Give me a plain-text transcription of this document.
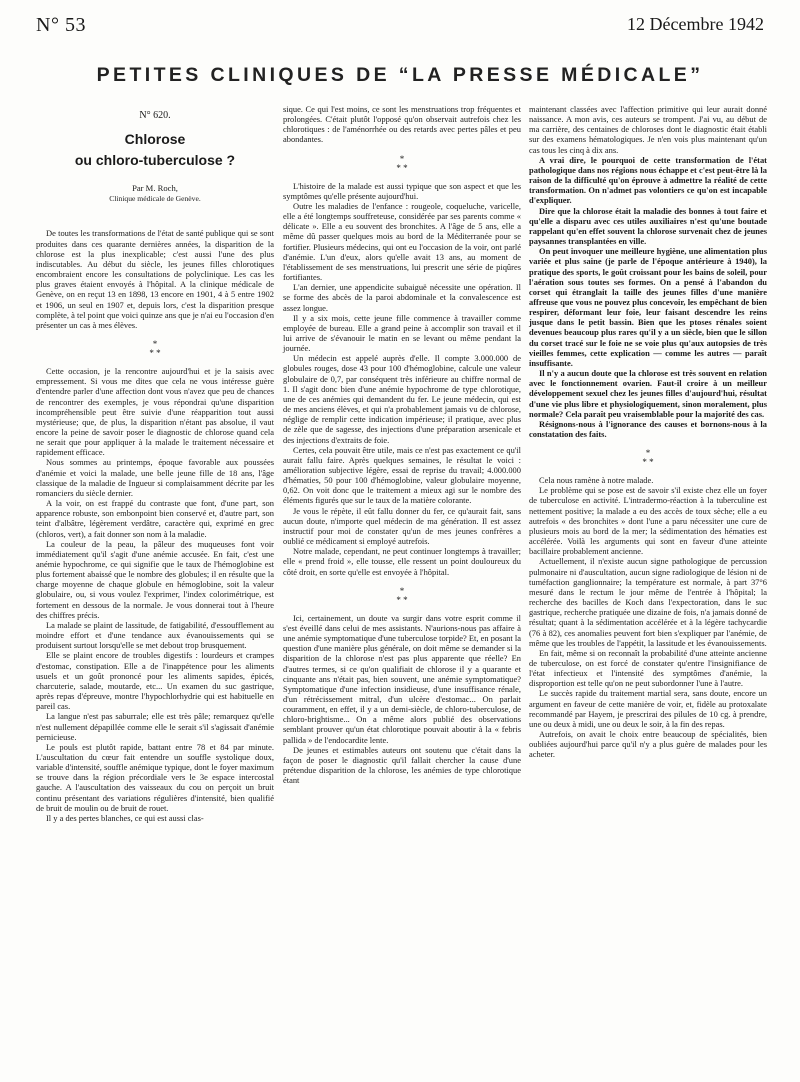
N° 53	12 Décembre 1942
PETITES CLINIQUES DE “LA PRESSE MÉDICALE”
N° 620.
Chlorose
ou chloro-tuberculose ?
Par M. Roch,
Clinique médicale de Genève.

De toutes les transformations de l'état de santé publique qui se sont produites dans ces quarante dernières années, la disparition de la chlorose est la plus inexplicable; c'est aussi l'une des plus indiscutables. Au début du siècle, les jeunes filles chlorotiques encombraient encore les consultations de polyclinique. Les cas les plus graves étaient envoyés à l'hôpital. A la clinique médicale de Genève, on en reçut 13 en 1898, 13 encore en 1901, 4 à 5 entre 1902 et 1906, un seul en 1907 et, depuis lors, c'est la disparition presque complète, à tel point que voici quinze ans que je n'ai eu l'occasion d'en présenter un cas à mes élèves.

*
* *

Cette occasion, je la rencontre aujourd'hui et je la saisis avec empressement. Si vous me dites que cela ne vous intéresse guère d'entendre parler d'une affection dont vous n'avez que peu de chances de rencontrer des exemples, je vous répondrai qu'une disparition incompréhensible peut être suivie d'une réapparition tout aussi mystérieuse; que, de plus, la disparition n'étant pas absolue, il vaut encore la peine de savoir poser le diagnostic de chlorose quand cela ne serait que pour appliquer à la malade le traitement nécessaire et rapidement efficace.

Nous sommes au printemps, époque favorable aux poussées d'anémie et voici la malade, une belle jeune fille de 18 ans, l'âge classique de la maladie de Ingueur si complaisamment décrite par les romanciers du siècle dernier.

A la voir, on est frappé du contraste que font, d'une part, son apparence robuste, son embonpoint bien conservé et, d'autre part, son teint d'albâtre, légèrement verdâtre, caractère qui, exprimé en grec (chloros, vert), a fait donner son nom à la maladie.

La couleur de la peau, la pâleur des muqueuses font voir immédiatement qu'il s'agit d'une anémie accusée. En fait, c'est une anémie hypochrome, ce qui signifie que le taux de l'hémoglobine est plus fortement abaissé que le nombre des globules; il en résulte que la charge moyenne de chaque globule en hémoglobine, soit la valeur globulaire, ou, si vous voulez l'exprimer, l'index colorimétrique, est fortement en dessous de la normale. Je vous donnerai tout à l'heure des chiffres précis.

La malade se plaint de lassitude, de fatigabilité, d'essoufflement au moindre effort et d'une tendance aux évanouissements qui se produisent surtout lorsqu'elle se met debout trop brusquement.

Elle se plaint encore de troubles digestifs : lourdeurs et crampes d'estomac, constipation. Elle a de l'inappétence pour les aliments usuels et un goût prononcé pour les aliments sapides, épicés, charcuterie, salade, moutarde, etc... Un examen du suc gastrique, après repas d'épreuve, montre l'hypochlorhydrie qui est habituelle en pareil cas.

La langue n'est pas saburrale; elle est très pâle; remarquez qu'elle n'est nullement dépapillée comme elle le serait s'il s'agissait d'anémie pernicieuse.

Le pouls est plutôt rapide, battant entre 78 et 84 par minute. L'auscultation du cœur fait entendre un souffle systolique doux, variable d'intensité, souffle anémique typique, dont le foyer maximum se trouve dans la région précordiale vers le 3e espace intercostal gauche. A l'auscultation des vaisseaux du cou on perçoit un bruit continu présentant des variations régulières d'intensité, bien qualifié de bruit de moulin ou de bruit de rouet.

Il y a des pertes blanches, ce qui est aussi clas-

sique. Ce qui l'est moins, ce sont les menstruations trop fréquentes et prolongées. C'était plutôt l'opposé qu'on observait autrefois chez les chlorotiques : de l'aménorrhée ou des retards avec pertes pâles et peu abondantes.

*
* *

L'histoire de la malade est aussi typique que son aspect et que les symptômes qu'elle présente aujourd'hui.

Outre les maladies de l'enfance : rougeole, coqueluche, varicelle, elle a été longtemps souffreteuse, considérée par ses parents comme « délicate ». Elle a eu souvent des bronchites. A l'âge de 5 ans, elle a même dû passer quelques mois au bord de la Méditerranée pour se fortifier. Plusieurs médecins, qui ont eu l'occasion de la voir, ont parlé d'anémie. L'un d'eux, alors qu'elle avait 13 ans, au moment de l'établissement de ses menstruations, lui prescrit une série de piqûres fortifiantes.

L'an dernier, une appendicite subaiguë nécessite une opération. Il se forme des abcès de la paroi abdominale et la convalescence est assez longue.

Il y a six mois, cette jeune fille commence à travailler comme employée de bureau. Elle a grand peine à accomplir son travail et il lui arrive de s'évanouir le matin en se levant ou même pendant la journée.

Un médecin est appelé auprès d'elle. Il compte 3.000.000 de globules rouges, dose 43 pour 100 d'hémoglobine, calcule une valeur globulaire de 0,7, par conséquent très inférieure au chiffre normal de 1. Il s'agit donc bien d'une anémie hypochrome de type chlorotique, une de ces anémies qui demandent du fer. Le jeune médecin, qui est de mes anciens élèves, et qui n'a probablement jamais vu de chlorose, néglige de remplir cette indication impérieuse; il pratique, avec plus de zèle que de sagesse, des injections d'une préparation arsenicale et des injections d'extraits de foie.

Certes, cela pouvait être utile, mais ce n'est pas exactement ce qu'il aurait fallu faire. Après quelques semaines, le résultat le voici : amélioration subjective légère, essai de reprise du travail; 4.000.000 d'hématies, 50 pour 100 d'hémoglobine, valeur globulaire moyenne, 0,62. On voit donc que le traitement a mieux agi sur le nombre des éléments figurés que sur le taux de la matière colorante.

Je vous le répète, il eût fallu donner du fer, ce qu'aurait fait, sans aucun doute, n'importe quel médecin de ma génération. Il est assez instructif pour moi de constater qu'un de mes jeunes confrères a oublié ce médicament si employé autrefois.

Notre malade, cependant, ne peut continuer longtemps à travailler; elle « prend froid », elle tousse, elle ressent un point douloureux du côté droit, en sorte qu'elle est envoyée à l'hôpital.

*
* *

Ici, certainement, un doute va surgir dans votre esprit comme il s'est éveillé dans celui de mes assistants. N'aurions-nous pas affaire à une anémie symptomatique d'une tuberculose torpide? Et, en posant la question d'une manière plus générale, on doit même se demander si la disparition de la chlorose n'est pas plus apparente que réelle? En d'autres termes, si ce qu'on qualifiait de chlorose il y a quarante et cinquante ans n'était pas, bien souvent, une anémie symptomatique? Symptomatique d'une infection insidieuse, d'une insuffisance rénale, d'un rétrécissement mitral, d'un ulcère d'estomac... On parlait couramment, en effet, il y a un demi-siècle, de chloro-tuberculose, de chloro-brightisme... On a même alors publié des observations semblant prouver qu'un état chlorotique pouvait aboutir à la « febris pallida » de l'endocardite lente.

De jeunes et estimables auteurs ont soutenu que c'était dans la façon de poser le diagnostic qu'il fallait chercher la cause d'une prétendue disparition de la chlorose, les anémies de type chlorotique étant

maintenant classées avec l'affection primitive qui leur aurait donné naissance. A mon avis, ces auteurs se trompent. J'ai vu, au début de ma carrière, des centaines de chloroses dont le diagnostic était établi sur des examens hématologiques. Je n'en vois plus maintenant qu'un cas tous les cinq à dix ans.

A vrai dire, le pourquoi de cette transformation de l'état pathologique dans nos régions nous échappe et c'est peut-être là la raison de la difficulté qu'on éprouve à admettre la réalité de cette transformation. On n'admet pas volontiers ce qu'on est incapable d'expliquer.

Dire que la chlorose était la maladie des bonnes à tout faire et qu'elle a disparu avec ces utiles auxiliaires n'est qu'une boutade rappelant qu'en effet souvent la chlorose survenait chez de jeunes paysannes transplantées en ville.

On peut invoquer une meilleure hygiène, une alimentation plus variée et plus saine (je parle de l'époque antérieure à 1940), la pratique des sports, le goût croissant pour les bains de soleil, pour l'aération sous toutes ses formes. On a pensé à l'abandon du corset qui étranglait la taille des jeunes filles d'une manière affreuse que vous ne pouvez plus concevoir, les empêchant de bien respirer, déformant leur foie, leur faisant descendre les reins jusque dans le petit bassin. Bien que les ptoses rénales soient devenues beaucoup plus rares qu'il y a un siècle, bien que le sillon du corset tracé sur le foie ne se voie plus qu'aux autopsies de très vieilles femmes, cette explication — comme les autres — paraît insuffisante.

Il n'y a aucun doute que la chlorose est très souvent en relation avec le fonctionnement ovarien. Faut-il croire à un meilleur développement sexuel chez les jeunes filles d'aujourd'hui, résultat d'une vie plus libre et physiologiquement, sinon moralement, plus normale? Cela paraît peu vraisemblable pour la majorité des cas.

Résignons-nous à l'ignorance des causes et bornons-nous à la constatation des faits.

*
* *

Cela nous ramène à notre malade.

Le problème qui se pose est de savoir s'il existe chez elle un foyer de tuberculose en activité. L'intradermo-réaction à la tuberculine est nettement positive; la malade a eu des accès de toux sèche; elle a eu autrefois « des bronchites » dont l'une a paru nécessiter une cure de plusieurs mois au bord de la mer; la sédimentation des hématies est accélérée. Voilà les arguments qui sont en faveur d'une atteinte bacillaire probablement ancienne.

Actuellement, il n'existe aucun signe pathologique de percussion pulmonaire ni d'auscultation, aucun signe radiologique de lésion ni de tuméfaction ganglionnaire; la température est normale, à part 37°6 mesuré dans le rectum le jour même de l'entrée à l'hôpital; la recherche des bacilles de Koch dans l'expectoration, dans le suc gastrique, recherche pratiquée une dizaine de fois, n'a jamais donné de résultat; quant à la sédimentation accélérée et à la légère tachycardie (76 à 82), ces anomalies peuvent fort bien s'expliquer par l'anémie, de même que les troubles de l'appétit, la lassitude et les évanouissements.

En fait, même si on reconnaît la probabilité d'une atteinte ancienne de tuberculose, on est forcé de constater qu'entre l'insignifiance de l'état infectieux et l'intensité des symptômes d'anémie, la disproportion est telle qu'on ne peut subordonner l'une à l'autre.

Le succès rapide du traitement martial sera, sans doute, encore un argument en faveur de cette manière de voir, et, fidèle au protoxalate recommandé par Hayem, je prescrirai des pilules de 10 cg. à prendre, une ou deux à midi, une ou deux le soir, à la fin des repas.

Autrefois, on avait le choix entre beaucoup de spécialités, bien oubliées aujourd'hui parce qu'il n'y a plus guère de malades pour les acheter.
